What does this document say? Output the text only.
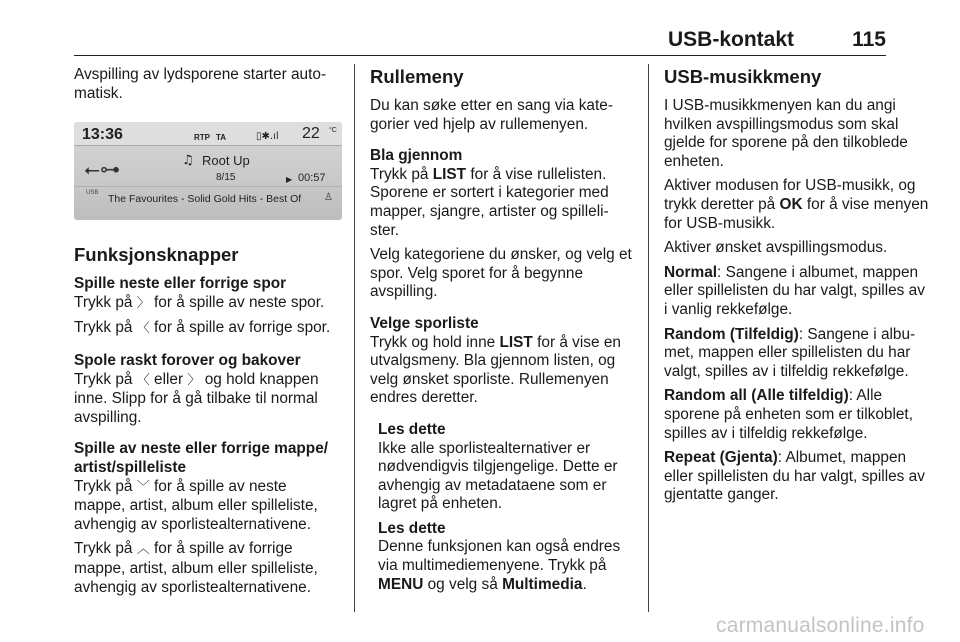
USB-kontakt	115

Avspilling av lydsporene starter auto- matisk.

13:36	RTP TA	▯✱.ıl 22 °C
⭠⊶
USB
♫ Root Up
8/15	▶ 00:57
The Favourites - Solid Gold Hits - Best Of ♙
Funksjonsknapper

Spille neste eller forrige spor

Trykk på 〉 for å spille av neste spor.

Trykk på 〈 for å spille av forrige spor.

Spole raskt forover og bakover

Trykk på 〈 eller 〉 og hold knappen inne. Slipp for å gå tilbake til normal avspilling.

Spille av neste eller forrige mappe/ artist/spilleliste

Trykk på ﹀ for å spille av neste mappe, artist, album eller spilleliste, avhengig av sporlistealternativene.

Trykk på ︿ for å spille av forrige mappe, artist, album eller spilleliste, avhengig av sporlistealternativene.

Rullemeny

Du kan søke etter en sang via kate- gorier ved hjelp av rullemenyen.

Bla gjennom

Trykk på LIST for å vise rullelisten. Sporene er sortert i kategorier med mapper, sjangre, artister og spilleli- ster.

Velg kategoriene du ønsker, og velg et spor. Velg sporet for å begynne avspilling.

Velge sporliste

Trykk og hold inne LIST for å vise en utvalgsmeny. Bla gjennom listen, og velg ønsket sporliste. Rullemenyen endres deretter.

Les dette

Ikke alle sporlistealternativer er nødvendigvis tilgjengelige. Dette er avhengig av metadataene som er lagret på enheten.

Les dette

Denne funksjonen kan også endres via multimediemenyene. Trykk på MENU og velg så Multimedia.

USB-musikkmeny

I USB-musikkmenyen kan du angi hvilken avspillingsmodus som skal gjelde for sporene på den tilkoblede enheten.

Aktiver modusen for USB-musikk, og trykk deretter på OK for å vise menyen for USB-musikk.

Aktiver ønsket avspillingsmodus.

Normal: Sangene i albumet, mappen eller spillelisten du har valgt, spilles av i vanlig rekkefølge.

Random (Tilfeldig): Sangene i albu- met, mappen eller spillelisten du har valgt, spilles av i tilfeldig rekkefølge.

Random all (Alle tilfeldig): Alle sporene på enheten som er tilkoblet, spilles av i tilfeldig rekkefølge.

Repeat (Gjenta): Albumet, mappen eller spillelisten du har valgt, spilles av gjentatte ganger.

carmanualsonline.info
